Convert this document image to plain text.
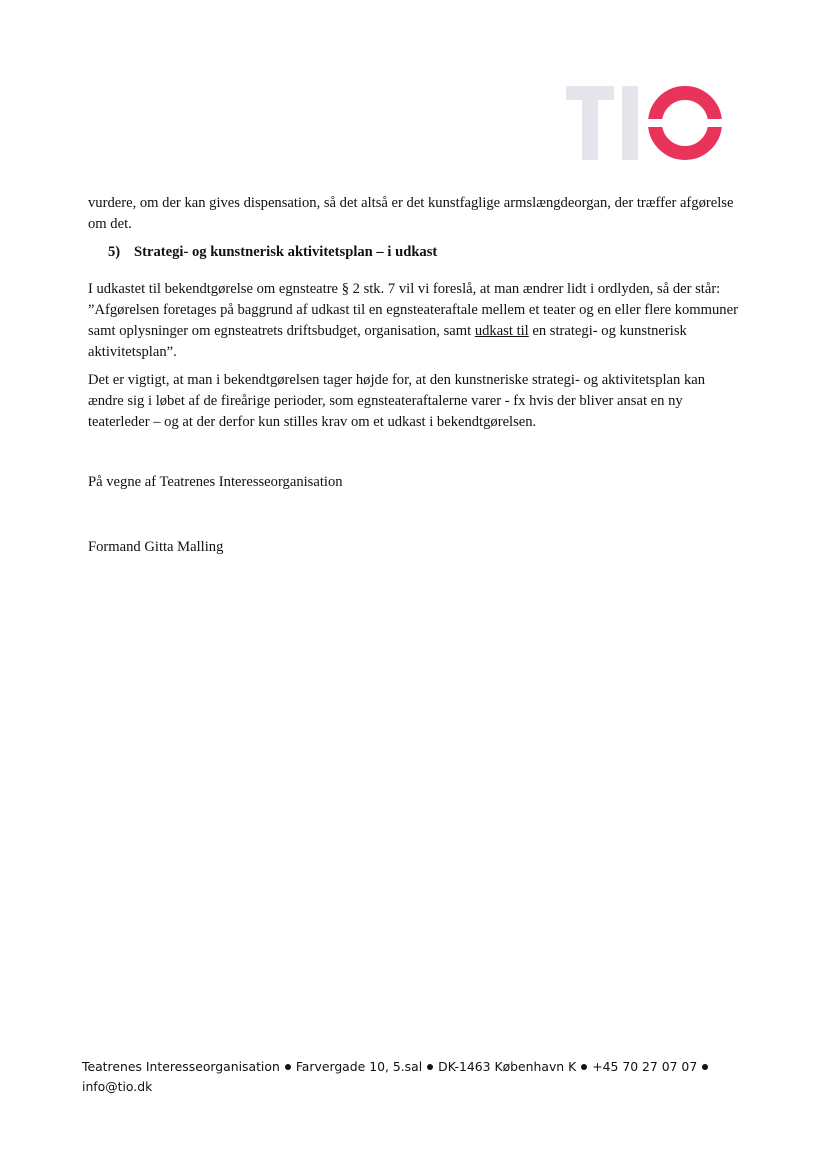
vurdere, om der kan gives dispensation, så det altså er det kunstfaglige armslængdeorgan, der træffer afgørelse om det.
5) Strategi- og kunstnerisk aktivitetsplan – i udkast
I udkastet til bekendtgørelse om egnsteatre § 2 stk. 7 vil vi foreslå, at man ændrer lidt i ordlyden, så der står: ”Afgørelsen foretages på baggrund af udkast til en egnsteateraftale mellem et teater og en eller flere kommuner samt oplysninger om egnsteatrets driftsbudget, organisation, samt udkast til en strategi- og kunstnerisk aktivitetsplan”.
Det er vigtigt, at man i bekendtgørelsen tager højde for, at den kunstneriske strategi- og aktivitetsplan kan ændre sig i løbet af de fireårige perioder, som egnsteateraftalerne varer - fx hvis der bliver ansat en ny teaterleder – og at der derfor kun stilles krav om et udkast i bekendtgørelsen.
På vegne af Teatrenes Interesseorganisation
Formand Gitta Malling
Teatrenes Interesseorganisation Farvergade 10, 5.sal DK-1463 København K +45 70 27 07 07
info@tio.dk
